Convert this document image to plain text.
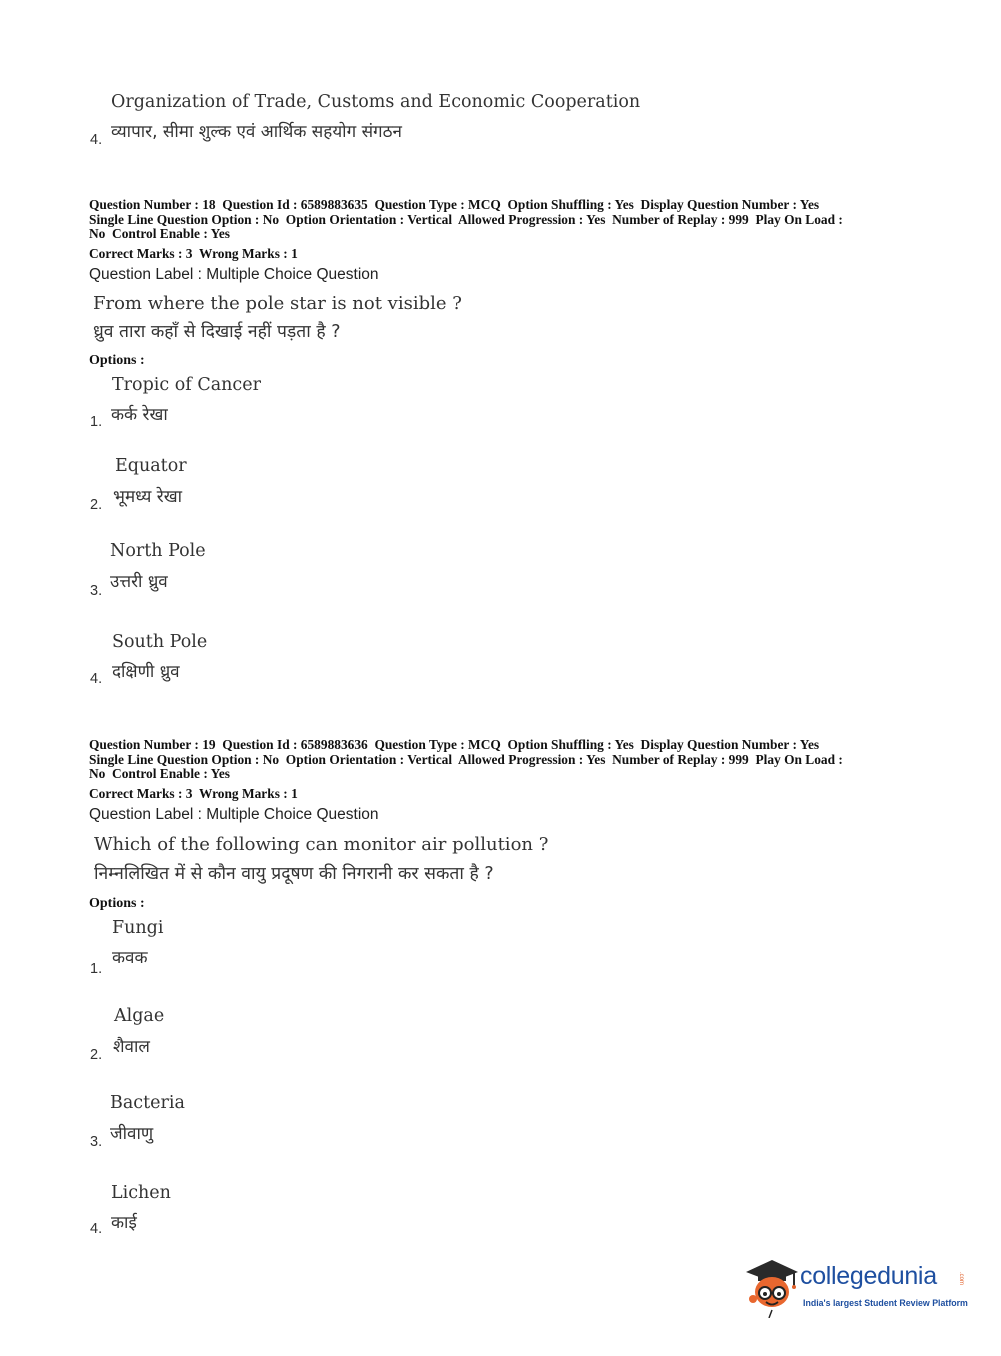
Organization of Trade, Customs and Economic Cooperation
व्यापार, सीमा शुल्क एवं आर्थिक सहयोग संगठन
4.
Question Number : 18  Question Id : 6589883635  Question Type : MCQ  Option Shuffling : Yes  Display Question Number : Yes
Single Line Question Option : No  Option Orientation : Vertical  Allowed Progression : Yes  Number of Replay : 999  Play On Load :
No  Control Enable : Yes
Correct Marks : 3  Wrong Marks : 1
Question Label : Multiple Choice Question
From where the pole star is not visible ?
ध्रुव तारा कहाँ से दिखाई नहीं पड़ता है ?
Options :
Tropic of Cancer
कर्क रेखा
1.
Equator
भूमध्य रेखा
2.
North Pole
उत्तरी ध्रुव
3.
South Pole
दक्षिणी ध्रुव
4.
Question Number : 19  Question Id : 6589883636  Question Type : MCQ  Option Shuffling : Yes  Display Question Number : Yes
Single Line Question Option : No  Option Orientation : Vertical  Allowed Progression : Yes  Number of Replay : 999  Play On Load :
No  Control Enable : Yes
Correct Marks : 3  Wrong Marks : 1
Question Label : Multiple Choice Question
Which of the following can monitor air pollution ?
निम्नलिखित में से कौन वायु प्रदूषण की निगरानी कर सकता है ?
Options :
Fungi
कवक
1.
Algae
शैवाल
2.
Bacteria
जीवाणु
3.
Lichen
काई
4.
collegedunia	.com
India's largest Student Review Platform
